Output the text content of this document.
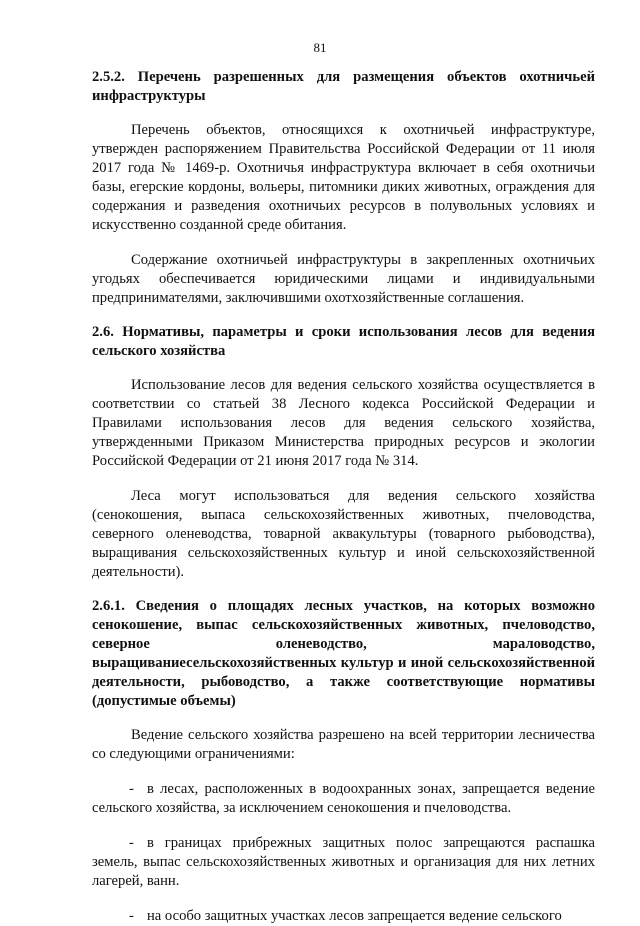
81

2.5.2. Перечень разрешенных для размещения объектов охотничьей инфраструктуры

Перечень объектов, относящихся к охотничьей инфраструктуре, утвержден распоряжением Правительства Российской Федерации от 11 июля 2017 года № 1469-р. Охотничья инфраструктура включает в себя охотничьи базы, егерские кордоны, вольеры, питомники диких животных, ограждения для содержания и разведения охотничьих ресурсов в полувольных условиях и искусственно созданной среде обитания.

Содержание охотничьей инфраструктуры в закрепленных охотничьих угодьях обеспечивается юридическими лицами и индивидуальными предпринимателями, заключившими охотхозяйственные соглашения.

2.6. Нормативы, параметры и сроки использования лесов для ведения сельского хозяйства

Использование лесов для ведения сельского хозяйства осуществляется в соответствии со статьей 38 Лесного кодекса Российской Федерации и Правилами использования лесов для ведения сельского хозяйства, утвержденными Приказом Министерства природных ресурсов и экологии Российской Федерации от 21 июня 2017 года № 314.

Леса могут использоваться для ведения сельского хозяйства (сенокошения, выпаса сельскохозяйственных животных, пчеловодства, северного оленеводства, товарной аквакультуры (товарного рыбоводства), выращивания сельскохозяйственных культур и иной сельскохозяйственной деятельности).

2.6.1. Сведения о площадях лесных участков, на которых возможно сенокошение, выпас сельскохозяйственных животных, пчеловодство, северное оленеводство, мараловодство, выращиваниесельскохозяйственных культур и иной сельскохозяйственной деятельности, рыбоводство, а также соответствующие нормативы (допустимые объемы)

Ведение сельского хозяйства разрешено на всей территории лесничества со следующими ограничениями:

- в лесах, расположенных в водоохранных зонах, запрещается ведение сельского хозяйства, за исключением сенокошения и пчеловодства.

- в границах прибрежных защитных полос запрещаются распашка земель, выпас сельскохозяйственных животных и организация для них летних лагерей, ванн.

- на особо защитных участках лесов запрещается ведение сельского
